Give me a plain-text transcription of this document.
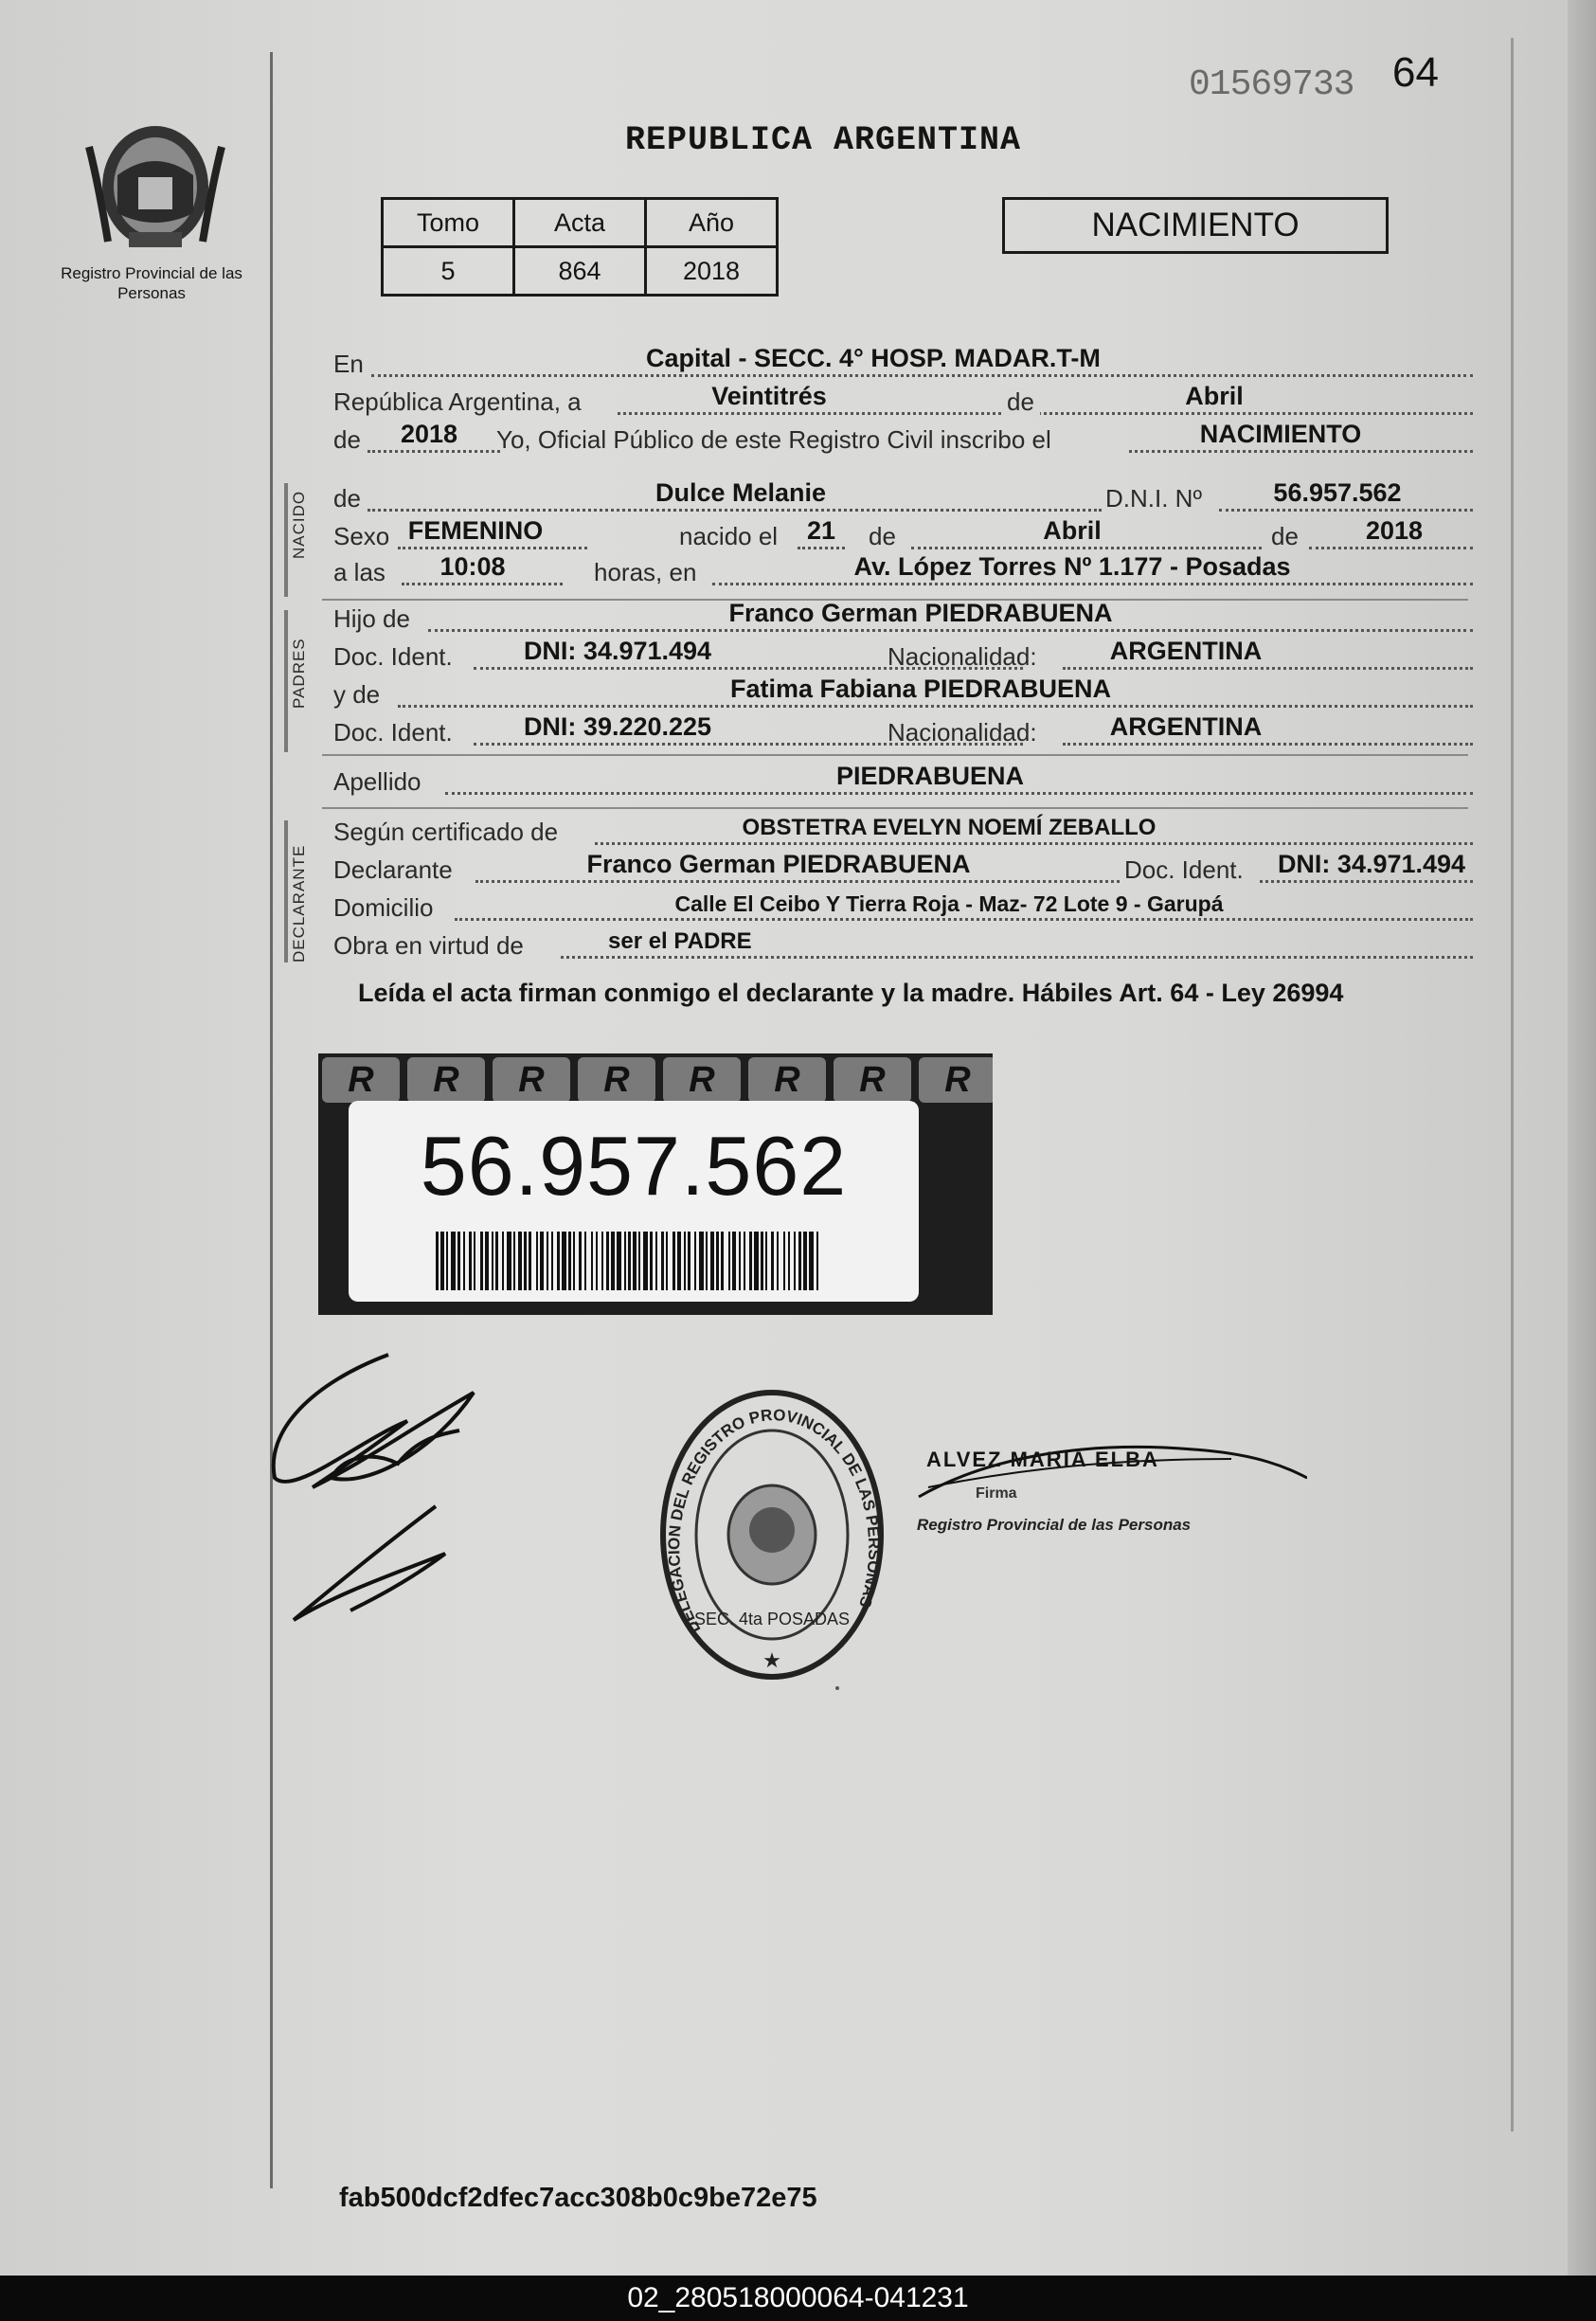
Registro Provincial de las Personas
01569733 64
REPUBLICA ARGENTINA
Tomo	Acta	Año
5	864	2018
NACIMIENTO
En	Capital - SECC. 4° HOSP. MADAR.T-M
República Argentina, a	Veintitrés	de	Abril
de	2018	Yo, Oficial Público de este Registro Civil inscribo el	NACIMIENTO
NACIDO de	Dulce Melanie	D.N.I. Nº	56.957.562
Sexo FEMENINO	nacido el	21	de	Abril	de	2018
a las	10:08	horas, en	Av. López Torres Nº 1.177 - Posadas
PADRES
Hijo de	Franco German PIEDRABUENA
Doc. Ident.	DNI: 34.971.494	Nacionalidad:	ARGENTINA
y de	Fatima Fabiana PIEDRABUENA
Doc. Ident.	DNI: 39.220.225	Nacionalidad:	ARGENTINA
Apellido	PIEDRABUENA
DECLARANTE
Según certificado de	OBSTETRA EVELYN NOEMÍ ZEBALLO
Declarante	Franco German PIEDRABUENA	Doc. Ident.	DNI: 34.971.494
Domicilio	Calle El Ceibo Y Tierra Roja - Maz- 72 Lote 9 - Garupá
Obra en virtud de	ser el PADRE
Leída el acta firman conmigo el declarante y la madre. Hábiles Art. 64 - Ley 26994
R	R	R	R	R	R	R	R
56.957.562
DELEGACION DEL REGISTRO PROVINCIAL DE LAS PERSONAS
SEC. 4ta POSADAS
★
ALVEZ MARIA ELBA
Firma
Registro Provincial de las Personas
fab500dcf2dfec7acc308b0c9be72e75
02_280518000064-041231
